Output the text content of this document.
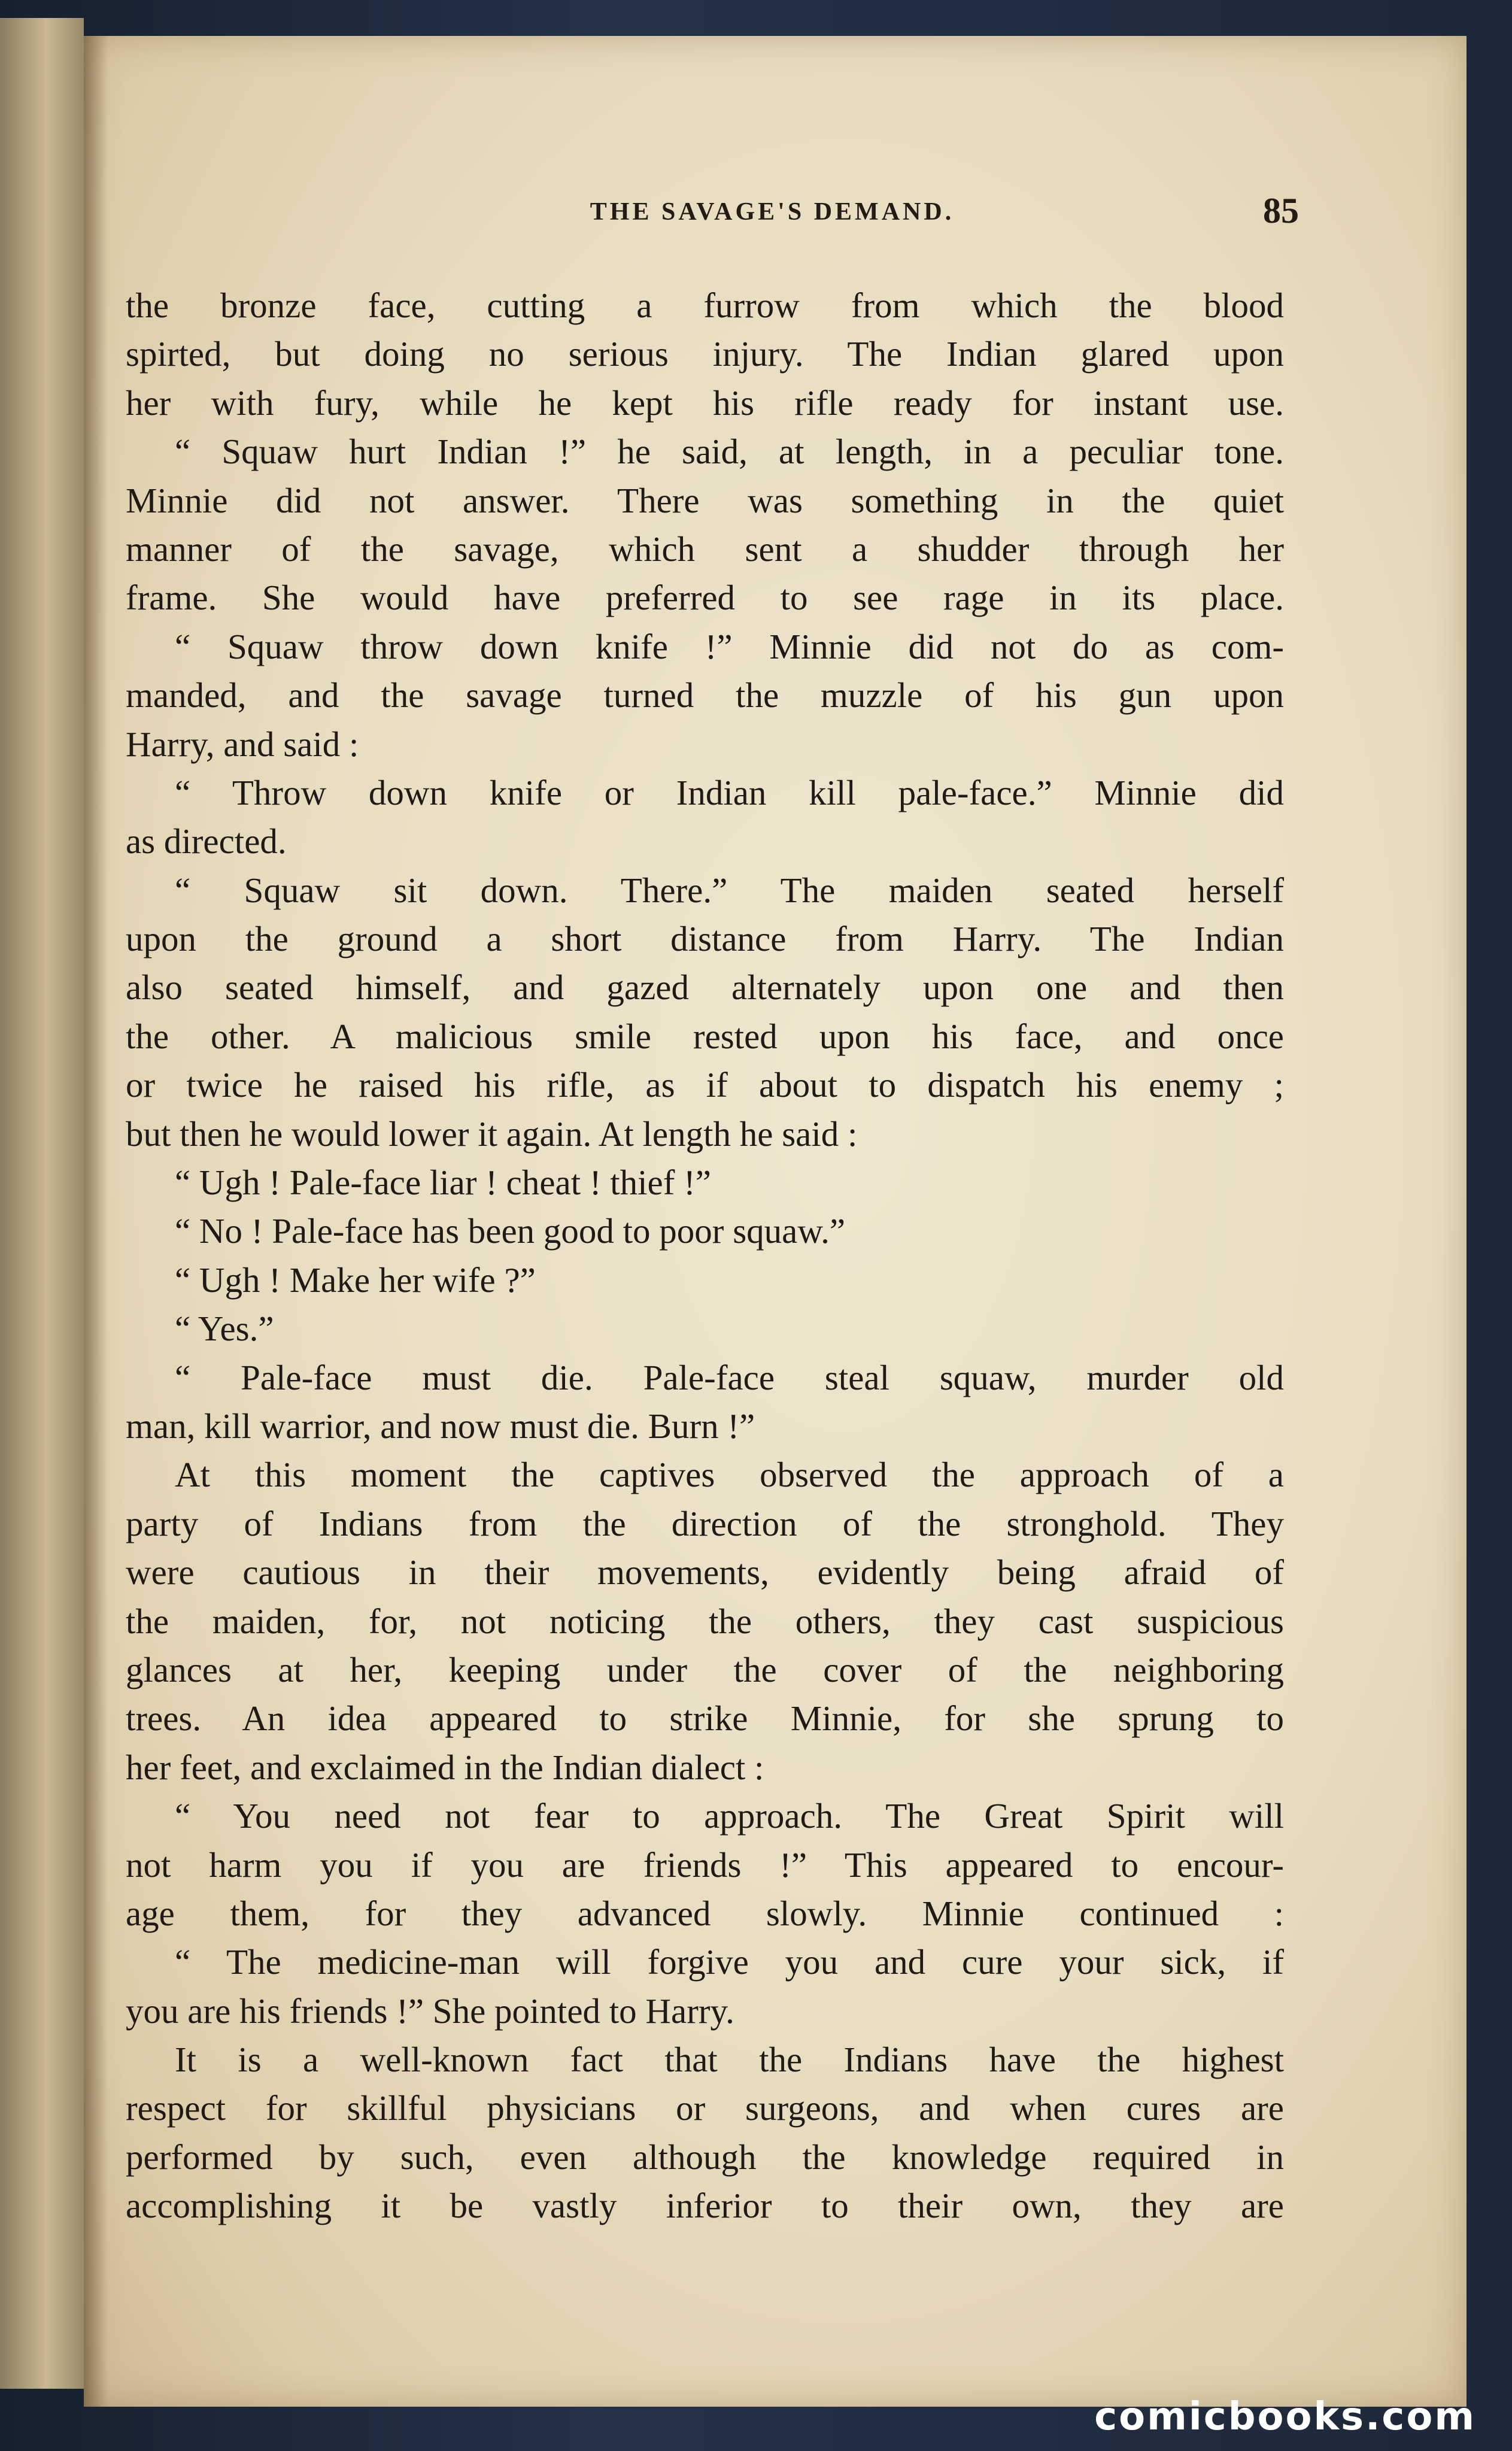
THE SAVAGE'S DEMAND.	85
the bronze face, cutting a furrow from which the blood
spirted, but doing no serious injury. The Indian glared upon
her with fury, while he kept his rifle ready for instant use.
“ Squaw hurt Indian !” he said, at length, in a peculiar tone.
Minnie did not answer. There was something in the quiet
manner of the savage, which sent a shudder through her
frame. She would have preferred to see rage in its place.
“ Squaw throw down knife !” Minnie did not do as com-
manded, and the savage turned the muzzle of his gun upon
Harry, and said :
“ Throw down knife or Indian kill pale-face.” Minnie did
as directed.
“ Squaw sit down. There.” The maiden seated herself
upon the ground a short distance from Harry. The Indian
also seated himself, and gazed alternately upon one and then
the other. A malicious smile rested upon his face, and once
or twice he raised his rifle, as if about to dispatch his enemy ;
but then he would lower it again. At length he said :
“ Ugh ! Pale-face liar ! cheat ! thief !”
“ No ! Pale-face has been good to poor squaw.”
“ Ugh ! Make her wife ?”
“ Yes.”
“ Pale-face must die. Pale-face steal squaw, murder old
man, kill warrior, and now must die. Burn !”
At this moment the captives observed the approach of a
party of Indians from the direction of the stronghold. They
were cautious in their movements, evidently being afraid of
the maiden, for, not noticing the others, they cast suspicious
glances at her, keeping under the cover of the neighboring
trees. An idea appeared to strike Minnie, for she sprung to
her feet, and exclaimed in the Indian dialect :
“ You need not fear to approach. The Great Spirit will
not harm you if you are friends !” This appeared to encour-
age them, for they advanced slowly. Minnie continued :
“ The medicine-man will forgive you and cure your sick, if
you are his friends !” She pointed to Harry.
It is a well-known fact that the Indians have the highest
respect for skillful physicians or surgeons, and when cures are
performed by such, even although the knowledge required in
accomplishing it be vastly inferior to their own, they are
comicbooks.com
